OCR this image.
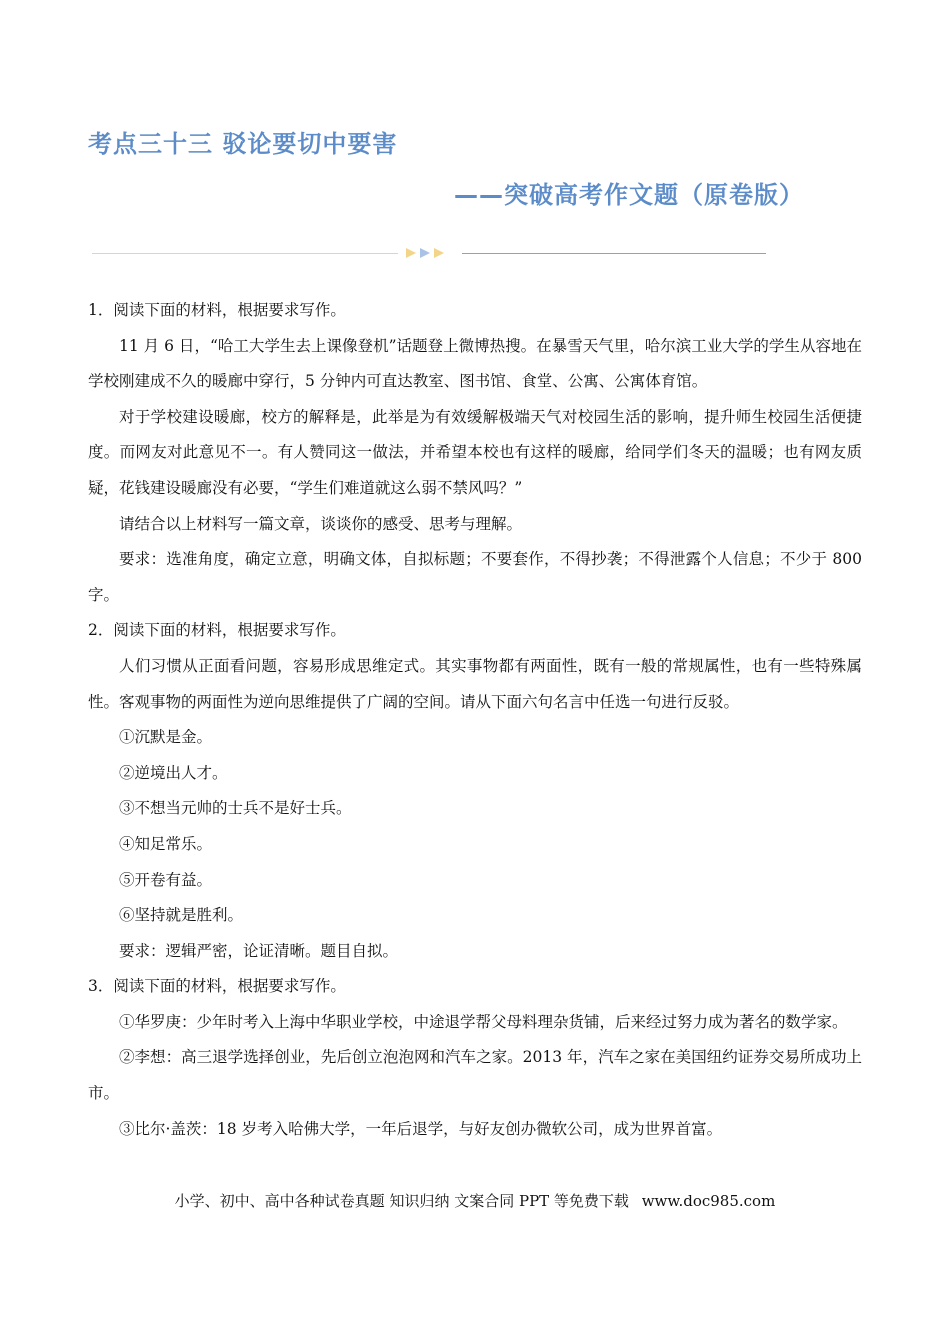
考点三十三 驳论要切中要害
——突破高考作文题（原卷版）

1．阅读下面的材料，根据要求写作。

11 月 6 日，“哈工大学生去上课像登机”话题登上微博热搜。在暴雪天气里，哈尔滨工业大学的学生从容地在学校刚建成不久的暖廊中穿行，5 分钟内可直达教室、图书馆、食堂、公寓、公寓体育馆。

对于学校建设暖廊，校方的解释是，此举是为有效缓解极端天气对校园生活的影响，提升师生校园生活便捷度。而网友对此意见不一。有人赞同这一做法，并希望本校也有这样的暖廊，给同学们冬天的温暖；也有网友质疑，花钱建设暖廊没有必要，“学生们难道就这么弱不禁风吗？”

请结合以上材料写一篇文章，谈谈你的感受、思考与理解。

要求：选准角度，确定立意，明确文体，自拟标题；不要套作，不得抄袭；不得泄露个人信息；不少于 800 字。

2．阅读下面的材料，根据要求写作。

人们习惯从正面看问题，容易形成思维定式。其实事物都有两面性，既有一般的常规属性，也有一些特殊属性。客观事物的两面性为逆向思维提供了广阔的空间。请从下面六句名言中任选一句进行反驳。

①沉默是金。

②逆境出人才。

③不想当元帅的士兵不是好士兵。

④知足常乐。

⑤开卷有益。

⑥坚持就是胜利。

要求：逻辑严密，论证清晰。题目自拟。

3．阅读下面的材料，根据要求写作。

①华罗庚：少年时考入上海中华职业学校，中途退学帮父母料理杂货铺，后来经过努力成为著名的数学家。

②李想：高三退学选择创业，先后创立泡泡网和汽车之家。2013 年，汽车之家在美国纽约证券交易所成功上市。

③比尔·盖茨：18 岁考入哈佛大学，一年后退学，与好友创办微软公司，成为世界首富。

小学、初中、高中各种试卷真题 知识归纳 文案合同 PPT 等免费下载 www.doc985.com
